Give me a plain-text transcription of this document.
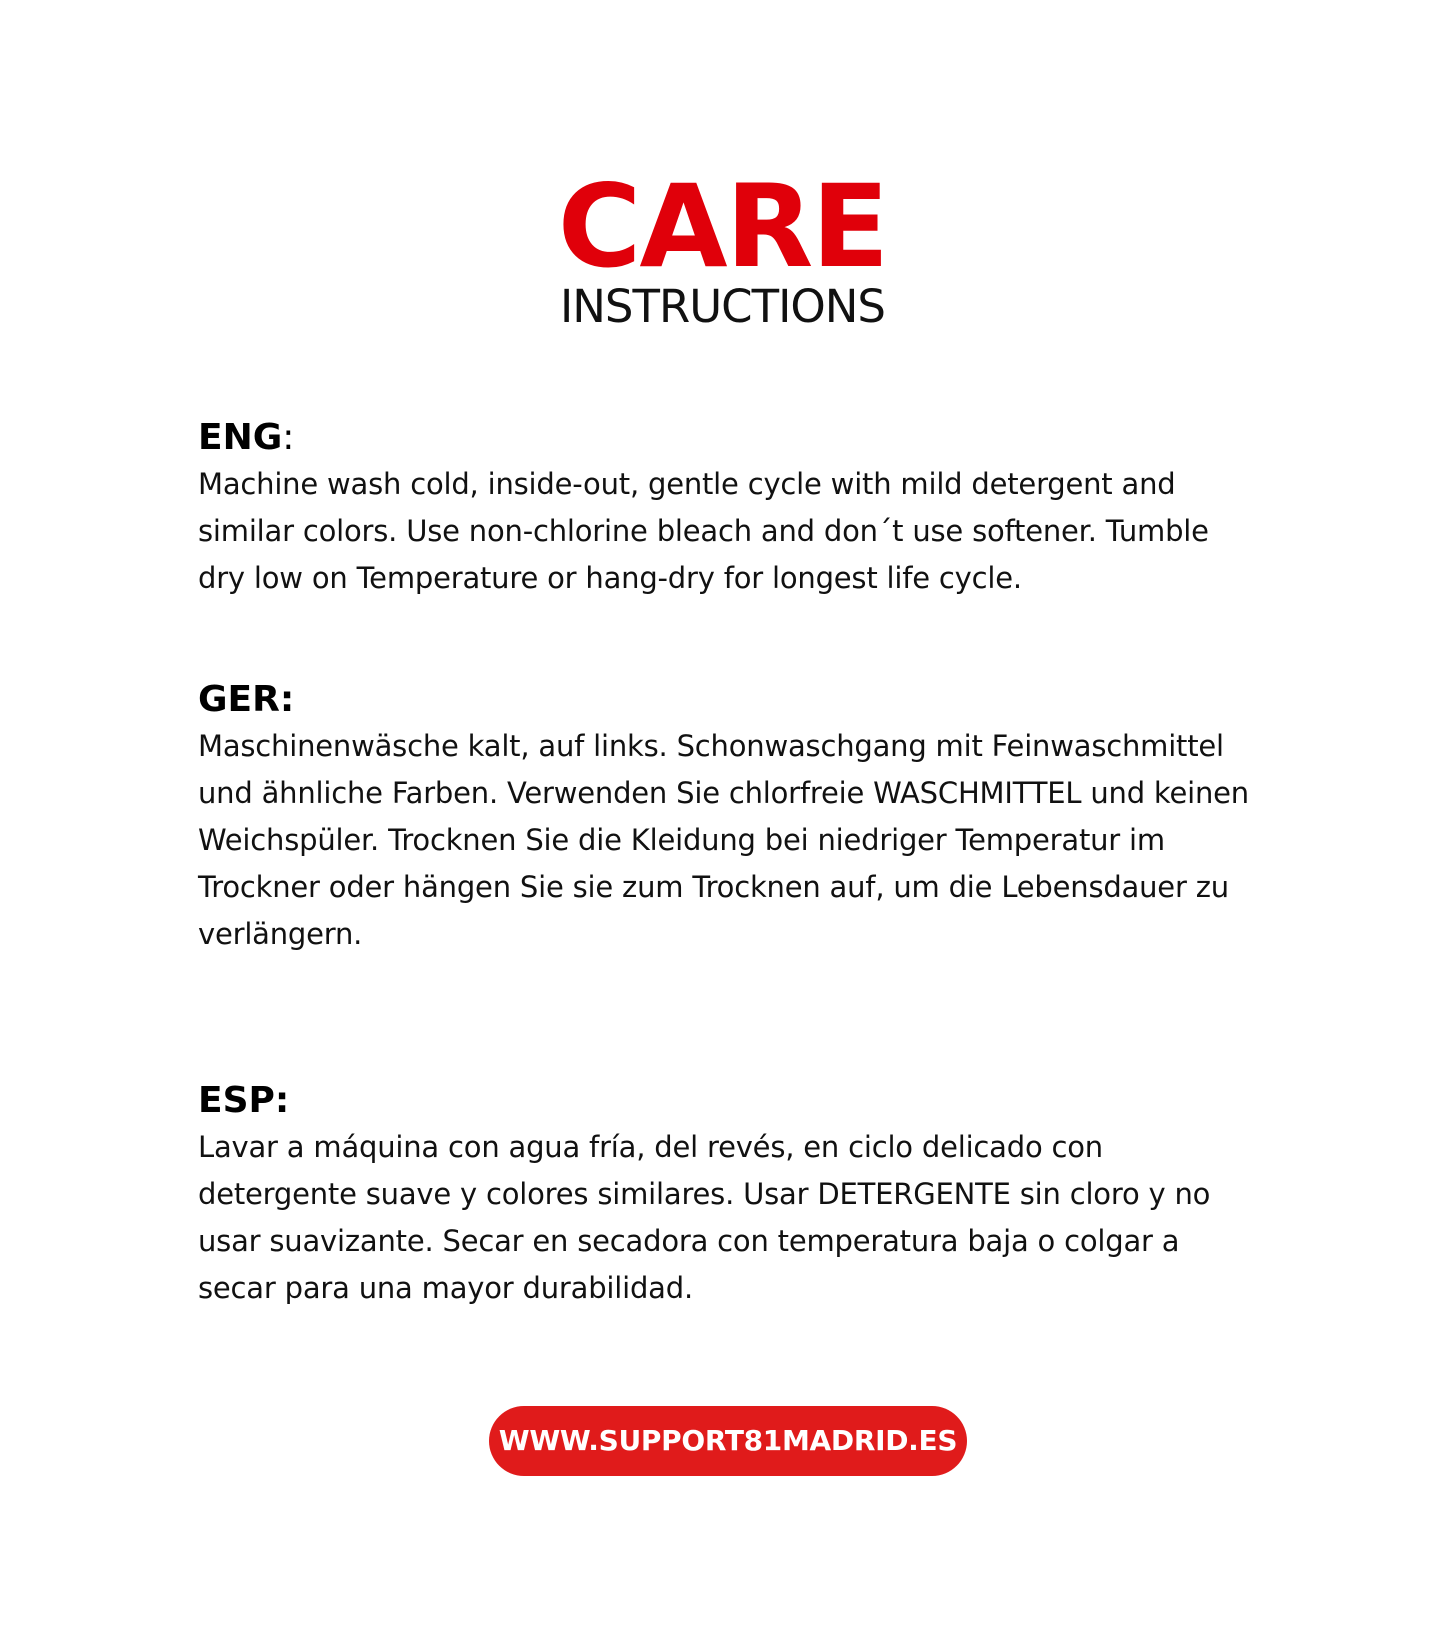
CARE
INSTRUCTIONS
ENG:
Machine wash cold, inside-out, gentle cycle with mild detergent and similar colors. Use non-chlorine bleach and don´t use softener. Tumble dry low on Temperature or hang-dry for longest life cycle.
GER:
Maschinenwäsche kalt, auf links. Schonwaschgang mit Feinwaschmittel und ähnliche Farben. Verwenden Sie chlorfreie WASCHMITTEL und keinen Weichspüler. Trocknen Sie die Kleidung bei niedriger Temperatur im Trockner oder hängen Sie sie zum Trocknen auf, um die Lebensdauer zu verlängern.
ESP:
Lavar a máquina con agua fría, del revés, en ciclo delicado con detergente suave y colores similares. Usar DETERGENTE sin cloro y no usar suavizante. Secar en secadora con temperatura baja o colgar a secar para una mayor durabilidad.
WWW.SUPPORT81MADRID.ES
